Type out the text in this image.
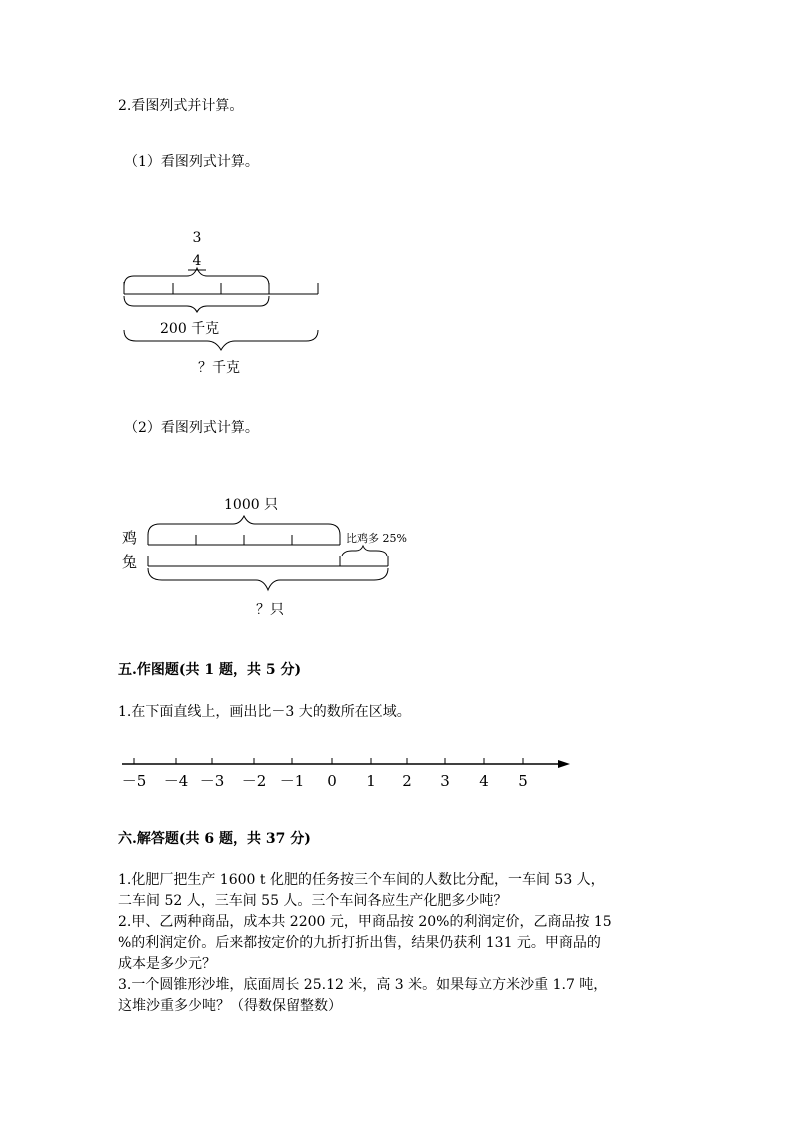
2.看图列式并计算。
（1）看图列式计算。
3
4
200 千克
？千克
（2）看图列式计算。
1000 只
鸡
兔
比鸡多 25%
？只
五.作图题(共 1 题，共 5 分)
1.在下面直线上，画出比－3 大的数所在区域。
－5 －4 －3 －2 －1 0 1 2 3 4 5
六.解答题(共 6 题，共 37 分)
1.化肥厂把生产 1600 t 化肥的任务按三个车间的人数比分配，一车间 53 人，
二车间 52 人，三车间 55 人。三个车间各应生产化肥多少吨？
2.甲、乙两种商品，成本共 2200 元，甲商品按 20%的利润定价，乙商品按 15
%的利润定价。后来都按定价的九折打折出售，结果仍获利 131 元。甲商品的
成本是多少元？
3.一个圆锥形沙堆，底面周长 25.12 米，高 3 米。如果每立方米沙重 1.7 吨，
这堆沙重多少吨？（得数保留整数）
